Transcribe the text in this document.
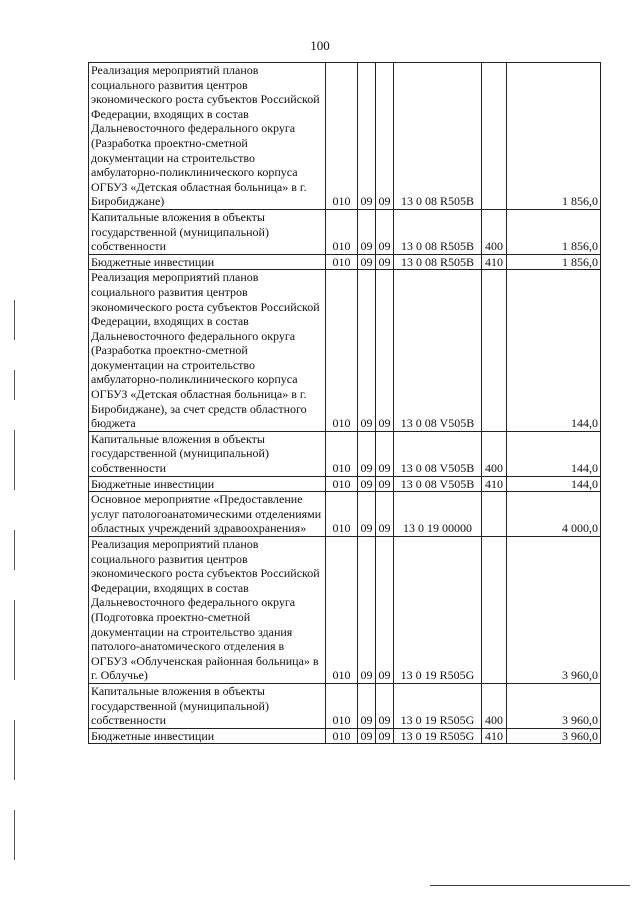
100
Реализация мероприятий планов социального развития центров экономического роста субъектов Российской Федерации, входящих в состав Дальневосточного федерального округа (Разработка проектно-сметной документации на строительство амбулаторно-поликлинического корпуса ОГБУЗ «Детская областная больница» в г. Биробиджане)	010	09	09	13 0 08 R505B		1 856,0
Капитальные вложения в объекты государственной (муниципальной) собственности	010	09	09	13 0 08 R505B	400	1 856,0
Бюджетные инвестиции	010	09	09	13 0 08 R505B	410	1 856,0
Реализация мероприятий планов социального развития центров экономического роста субъектов Российской Федерации, входящих в состав Дальневосточного федерального округа (Разработка проектно-сметной документации на строительство амбулаторно-поликлинического корпуса ОГБУЗ «Детская областная больница» в г. Биробиджане), за счет средств областного бюджета	010	09	09	13 0 08 V505B		144,0
Капитальные вложения в объекты государственной (муниципальной) собственности	010	09	09	13 0 08 V505B	400	144,0
Бюджетные инвестиции	010	09	09	13 0 08 V505B	410	144,0
Основное мероприятие «Предоставление услуг патологоанатомическими отделениями областных учреждений здравоохранения»	010	09	09	13 0 19 00000		4 000,0
Реализация мероприятий планов социального развития центров экономического роста субъектов Российской Федерации, входящих в состав Дальневосточного федерального округа (Подготовка проектно-сметной документации на строительство здания патолого-анатомического отделения в ОГБУЗ «Облученская районная больница» в г. Облучье)	010	09	09	13 0 19 R505G		3 960,0
Капитальные вложения в объекты государственной (муниципальной) собственности	010	09	09	13 0 19 R505G	400	3 960,0
Бюджетные инвестиции	010	09	09	13 0 19 R505G	410	3 960,0
